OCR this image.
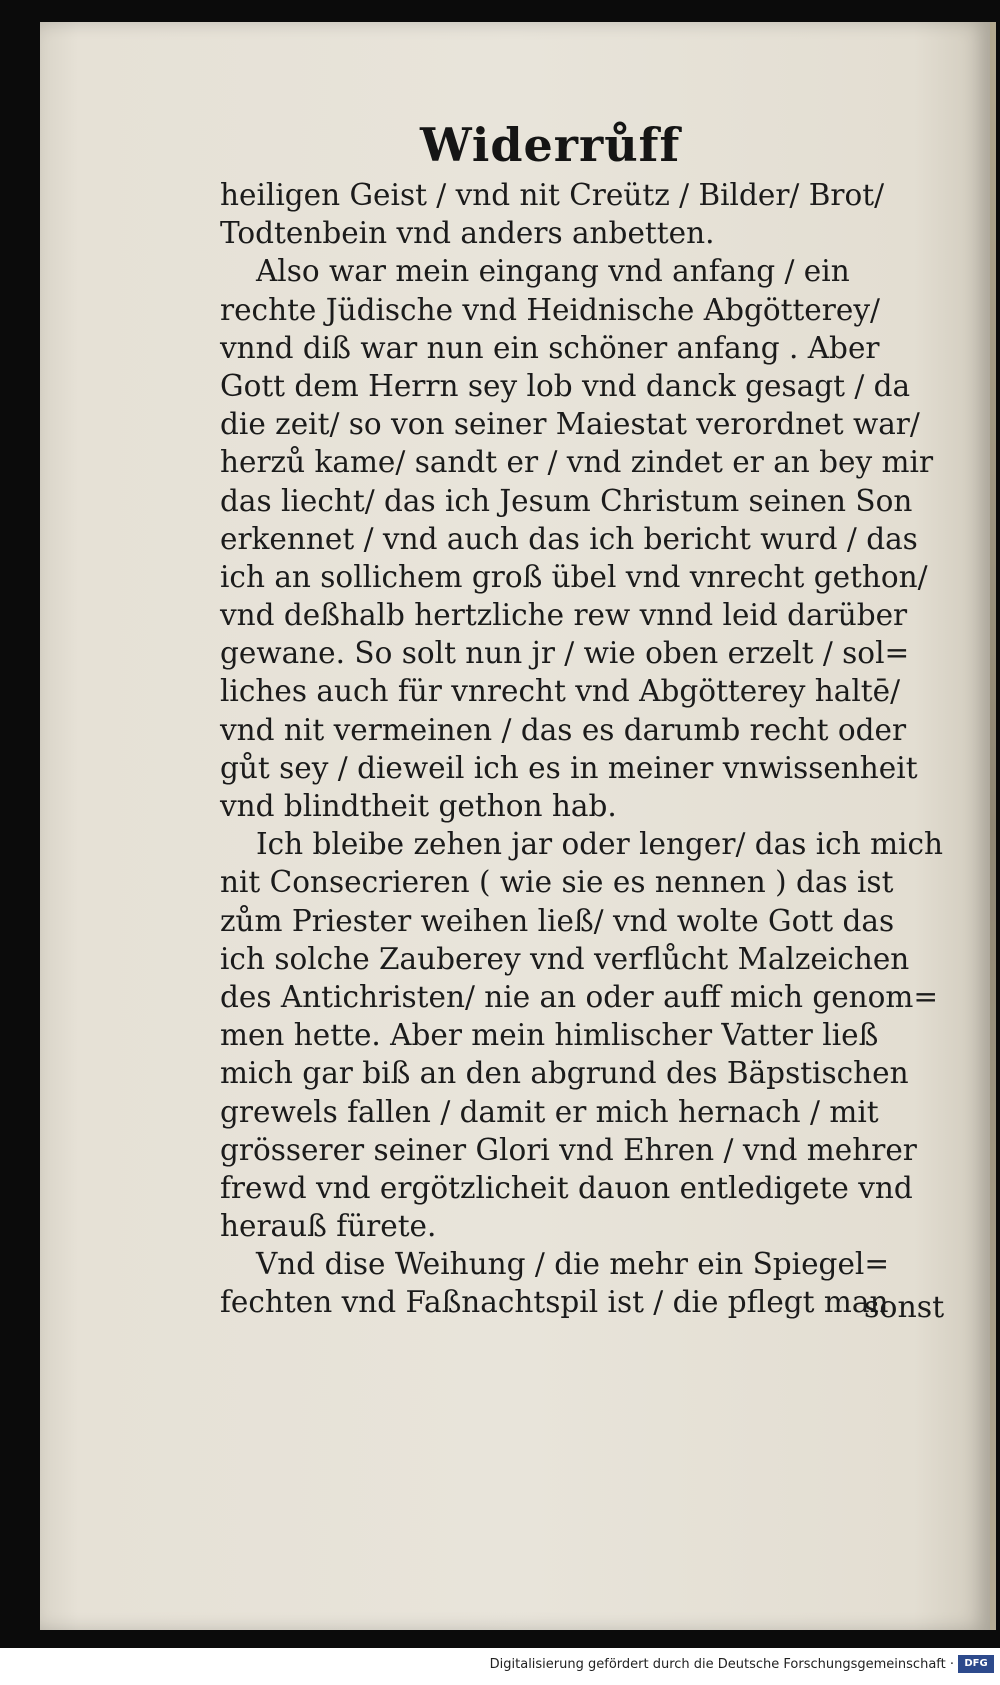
Widerrůff
heiligen Geist / vnd nit Creütz / Bilder/ Brot/
Todtenbein vnd anders anbetten.
Also war mein eingang vnd anfang / ein
rechte Jüdische vnd Heidnische Abgötterey/
vnnd diß war nun ein schöner anfang . Aber
Gott dem Herrn sey lob vnd danck gesagt / da
die zeit/ so von seiner Maiestat verordnet war/
herzů kame/ sandt er / vnd zindet er an bey mir
das liecht/ das ich Jesum Christum seinen Son
erkennet / vnd auch das ich bericht wurd / das
ich an sollichem groß übel vnd vnrecht gethon/
vnd deßhalb hertzliche rew vnnd leid darüber
gewane. So solt nun jr / wie oben erzelt / sol=
liches auch für vnrecht vnd Abgötterey haltē/
vnd nit vermeinen / das es darumb recht oder
gůt sey / dieweil ich es in meiner vnwissenheit
vnd blindtheit gethon hab.
Ich bleibe zehen jar oder lenger/ das ich mich
nit Consecrieren ( wie sie es nennen ) das ist
zům Priester weihen ließ/ vnd wolte Gott das
ich solche Zauberey vnd verflůcht Malzeichen
des Antichristen/ nie an oder auff mich genom=
men hette. Aber mein himlischer Vatter ließ
mich gar biß an den abgrund des Bäpstischen
grewels fallen / damit er mich hernach / mit
grösserer seiner Glori vnd Ehren / vnd mehrer
frewd vnd ergötzlicheit dauon entledigete vnd
herauß fürete.
Vnd dise Weihung / die mehr ein Spiegel=
fechten vnd Faßnachtspil ist / die pflegt man
sonst
Digitalisierung gefördert durch die Deutsche Forschungsgemeinschaft ·	DFG
